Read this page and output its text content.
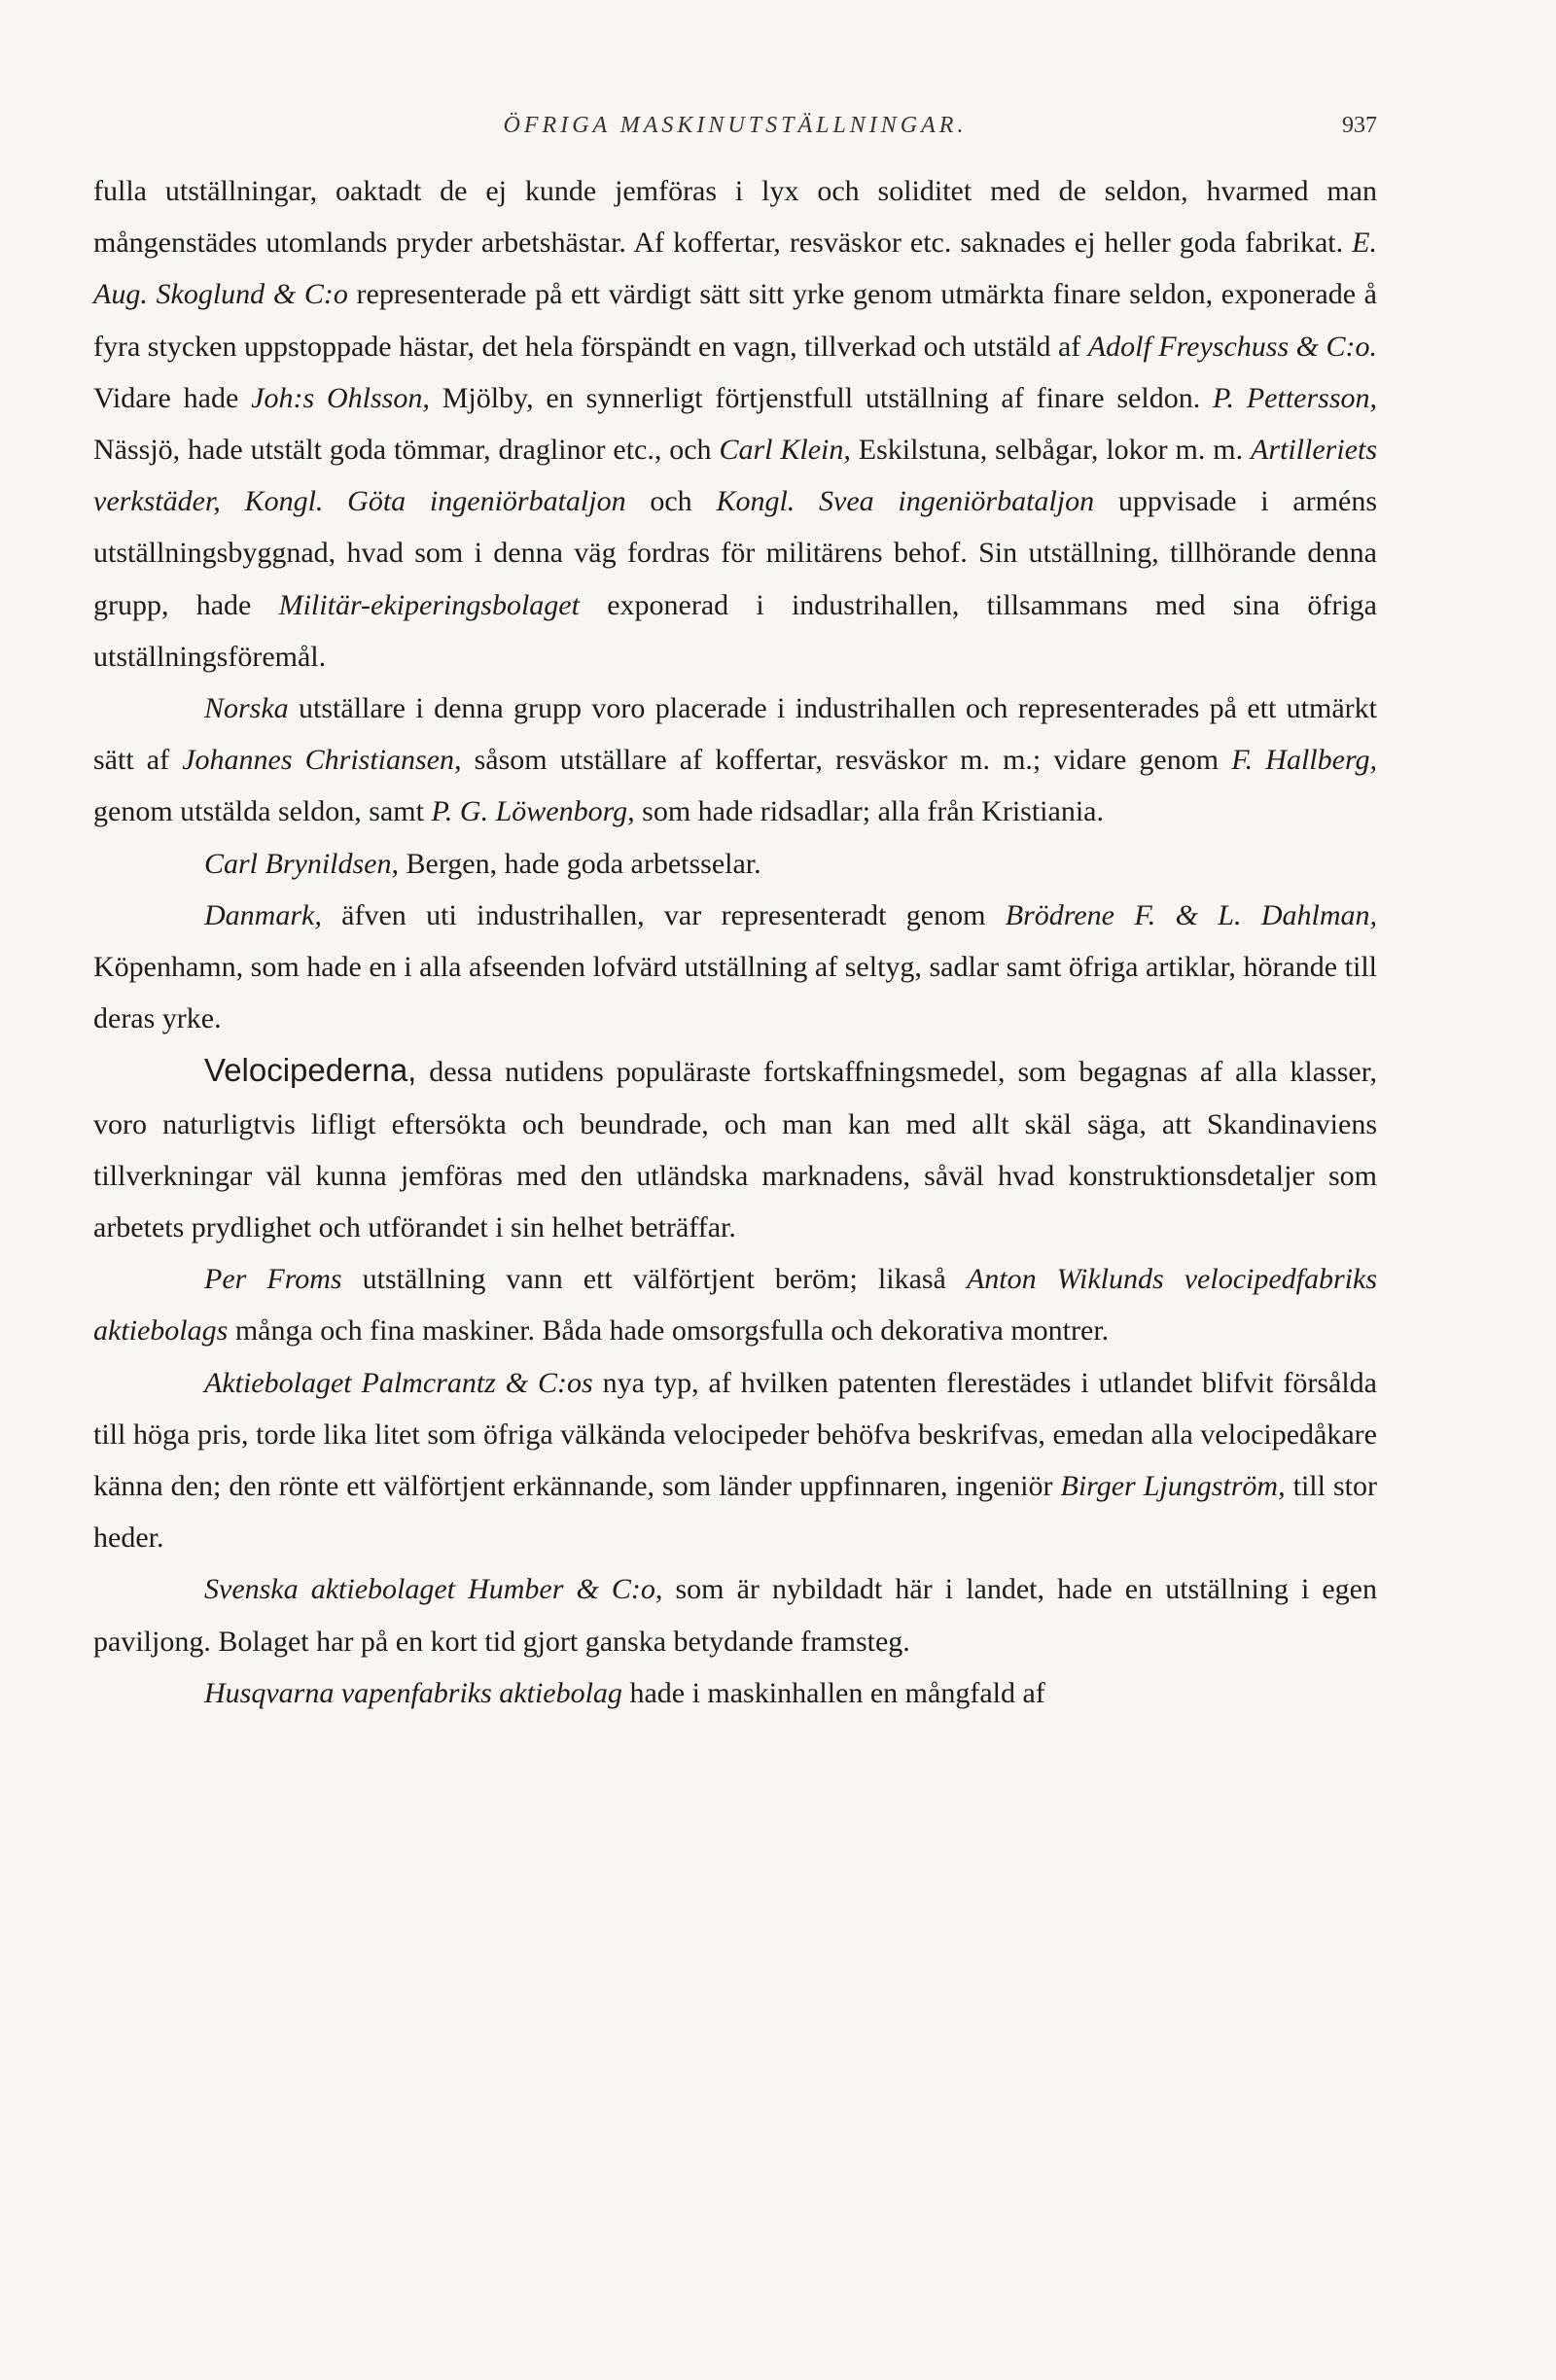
ÖFRIGA MASKINUTSTÄLLNINGAR.	937

fulla utställningar, oaktadt de ej kunde jemföras i lyx och soliditet med de seldon, hvarmed man mångenstädes utomlands pryder arbetshästar. Af koffertar, resväskor etc. saknades ej heller goda fabrikat. E. Aug. Skoglund & C:o representerade på ett värdigt sätt sitt yrke genom utmärkta finare seldon, exponerade å fyra stycken uppstoppade hästar, det hela förspändt en vagn, tillverkad och utstäld af Adolf Freyschuss & C:o. Vidare hade Joh:s Ohlsson, Mjölby, en synnerligt förtjenstfull utställning af finare seldon. P. Pettersson, Nässjö, hade utstält goda tömmar, draglinor etc., och Carl Klein, Eskilstuna, selbågar, lokor m. m. Artilleriets verkstäder, Kongl. Göta ingeniörbataljon och Kongl. Svea ingeniörbataljon uppvisade i arméns utställningsbyggnad, hvad som i denna väg fordras för militärens behof. Sin utställning, tillhörande denna grupp, hade Militär-ekiperingsbolaget exponerad i industrihallen, tillsammans med sina öfriga utställningsföremål.

Norska utställare i denna grupp voro placerade i industrihallen och representerades på ett utmärkt sätt af Johannes Christiansen, såsom utställare af koffertar, resväskor m. m.; vidare genom F. Hallberg, genom utstälda seldon, samt P. G. Löwenborg, som hade ridsadlar; alla från Kristiania.

Carl Brynildsen, Bergen, hade goda arbetsselar.

Danmark, äfven uti industrihallen, var representeradt genom Brödrene F. & L. Dahlman, Köpenhamn, som hade en i alla afseenden lofvärd utställning af seltyg, sadlar samt öfriga artiklar, hörande till deras yrke.

Velocipederna, dessa nutidens populäraste fortskaffningsmedel, som begagnas af alla klasser, voro naturligtvis lifligt eftersökta och beundrade, och man kan med allt skäl säga, att Skandinaviens tillverkningar väl kunna jemföras med den utländska marknadens, såväl hvad konstruktionsdetaljer som arbetets prydlighet och utförandet i sin helhet beträffar.

Per Froms utställning vann ett välförtjent beröm; likaså Anton Wiklunds velocipedfabriks aktiebolags många och fina maskiner. Båda hade omsorgsfulla och dekorativa montrer.

Aktiebolaget Palmcrantz & C:os nya typ, af hvilken patenten flerestädes i utlandet blifvit försålda till höga pris, torde lika litet som öfriga välkända velocipeder behöfva beskrifvas, emedan alla velocipedåkare känna den; den rönte ett välförtjent erkännande, som länder uppfinnaren, ingeniör Birger Ljungström, till stor heder.

Svenska aktiebolaget Humber & C:o, som är nybildadt här i landet, hade en utställning i egen paviljong. Bolaget har på en kort tid gjort ganska betydande framsteg.

Husqvarna vapenfabriks aktiebolag hade i maskinhallen en mångfald af
